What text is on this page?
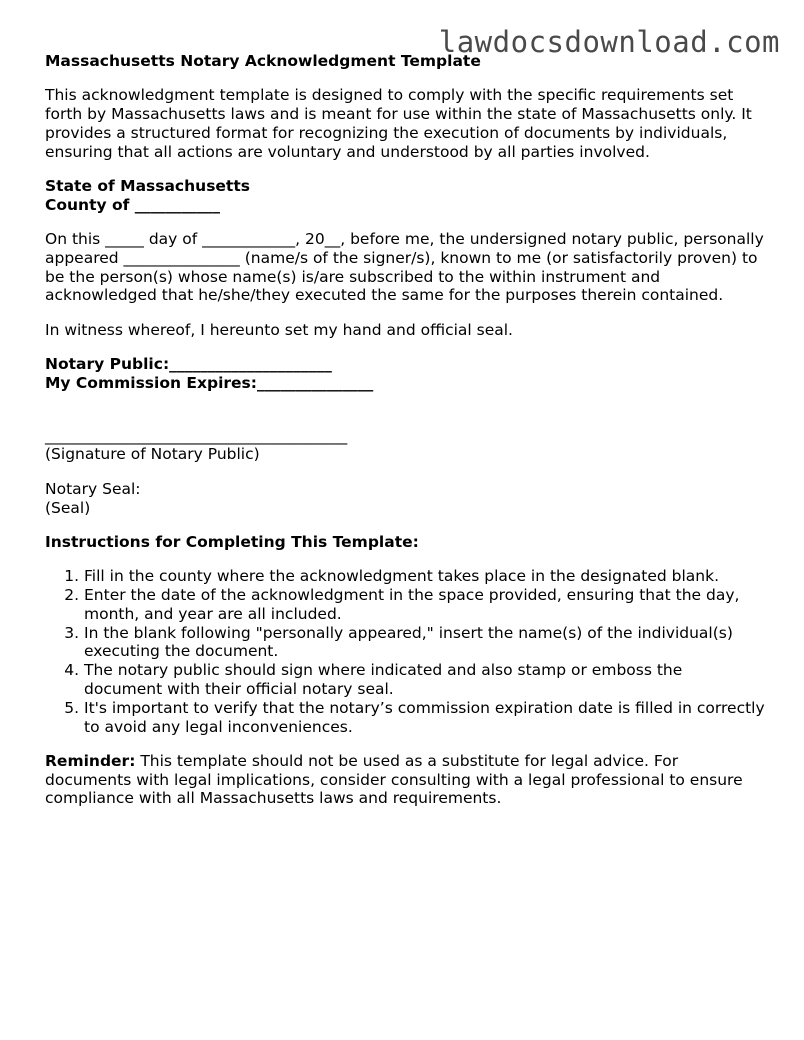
lawdocsdownload.com

Massachusetts Notary Acknowledgment Template

This acknowledgment template is designed to comply with the specific requirements set forth by Massachusetts laws and is meant for use within the state of Massachusetts only. It provides a structured format for recognizing the execution of documents by individuals, ensuring that all actions are voluntary and understood by all parties involved.

State of Massachusetts

County of ___________

On this _____ day of ____________, 20__, before me, the undersigned notary public, personally appeared _______________ (name/s of the signer/s), known to me (or satisfactorily proven) to be the person(s) whose name(s) is/are subscribed to the within instrument and acknowledged that he/she/they executed the same for the purposes therein contained.

In witness whereof, I hereunto set my hand and official seal.

Notary Public:_____________________

My Commission Expires:_______________

_______________________________________

(Signature of Notary Public)

Notary Seal:

(Seal)

Instructions for Completing This Template:

1. Fill in the county where the acknowledgment takes place in the designated blank.
2. Enter the date of the acknowledgment in the space provided, ensuring that the day, month, and year are all included.
3. In the blank following "personally appeared," insert the name(s) of the individual(s) executing the document.
4. The notary public should sign where indicated and also stamp or emboss the document with their official notary seal.
5. It's important to verify that the notary’s commission expiration date is filled in correctly to avoid any legal inconveniences.

Reminder: This template should not be used as a substitute for legal advice. For documents with legal implications, consider consulting with a legal professional to ensure compliance with all Massachusetts laws and requirements.
